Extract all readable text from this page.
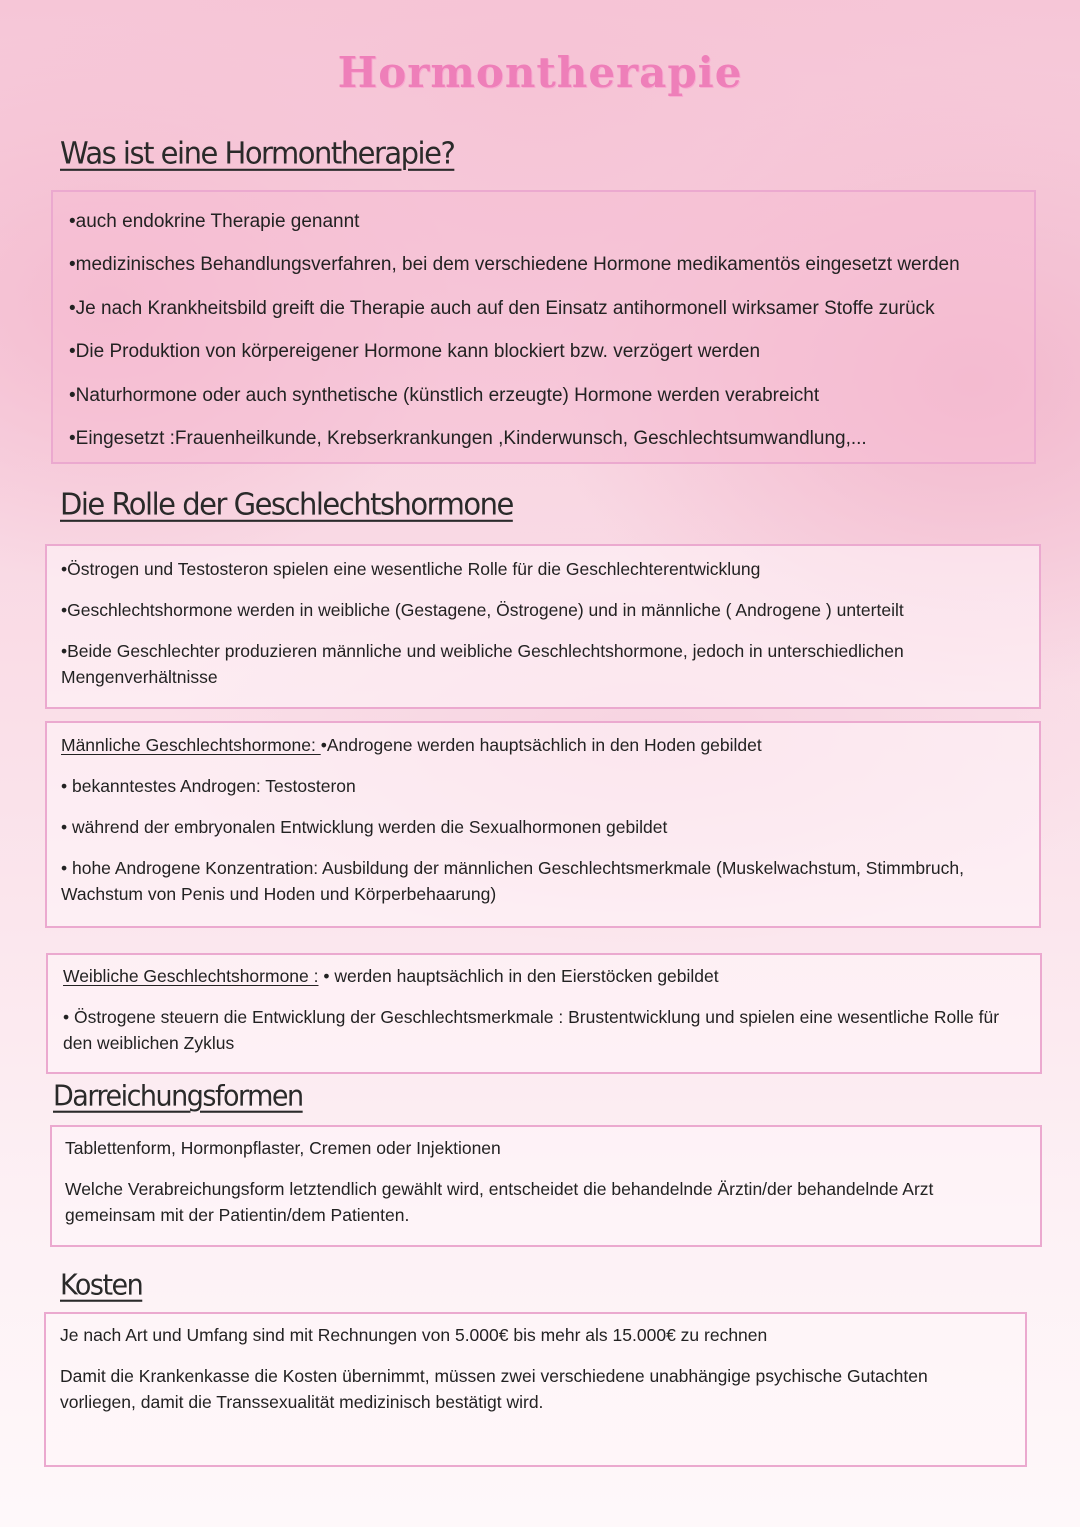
Hormontherapie
Was ist eine Hormontherapie?

•auch endokrine Therapie genannt

•medizinisches Behandlungsverfahren, bei dem verschiedene Hormone medikamentös eingesetzt werden

•Je nach Krankheitsbild greift die Therapie auch auf den Einsatz antihormonell wirksamer Stoffe zurück

•Die Produktion von körpereigener Hormone kann blockiert bzw. verzögert werden

•Naturhormone oder auch synthetische (künstlich erzeugte) Hormone werden verabreicht

•Eingesetzt :Frauenheilkunde, Krebserkrankungen ,Kinderwunsch, Geschlechtsumwandlung,...

Die Rolle der Geschlechtshormone

•Östrogen und Testosteron spielen eine wesentliche Rolle für die Geschlechterentwicklung

•Geschlechtshormone werden in weibliche (Gestagene, Östrogene) und in männliche ( Androgene ) unterteilt

•Beide Geschlechter produzieren männliche und weibliche Geschlechtshormone, jedoch in unterschiedlichen Mengenverhältnisse

Männliche Geschlechtshormone: •Androgene werden hauptsächlich in den Hoden gebildet

• bekanntestes Androgen: Testosteron

• während der embryonalen Entwicklung werden die Sexualhormonen gebildet

• hohe Androgene Konzentration: Ausbildung der männlichen Geschlechtsmerkmale (Muskelwachstum, Stimmbruch, Wachstum von Penis und Hoden und Körperbehaarung)

Weibliche Geschlechtshormone : • werden hauptsächlich in den Eierstöcken gebildet

• Östrogene steuern die Entwicklung der Geschlechtsmerkmale : Brustentwicklung und spielen eine wesentliche Rolle für den weiblichen Zyklus

Darreichungsformen

Tablettenform, Hormonpflaster, Cremen oder Injektionen

Welche Verabreichungsform letztendlich gewählt wird, entscheidet die behandelnde Ärztin/der behandelnde Arzt gemeinsam mit der Patientin/dem Patienten.

Kosten

Je nach Art und Umfang sind mit Rechnungen von 5.000€ bis mehr als 15.000€ zu rechnen

Damit die Krankenkasse die Kosten übernimmt, müssen zwei verschiedene unabhängige psychische Gutachten vorliegen, damit die Transsexualität medizinisch bestätigt wird.
